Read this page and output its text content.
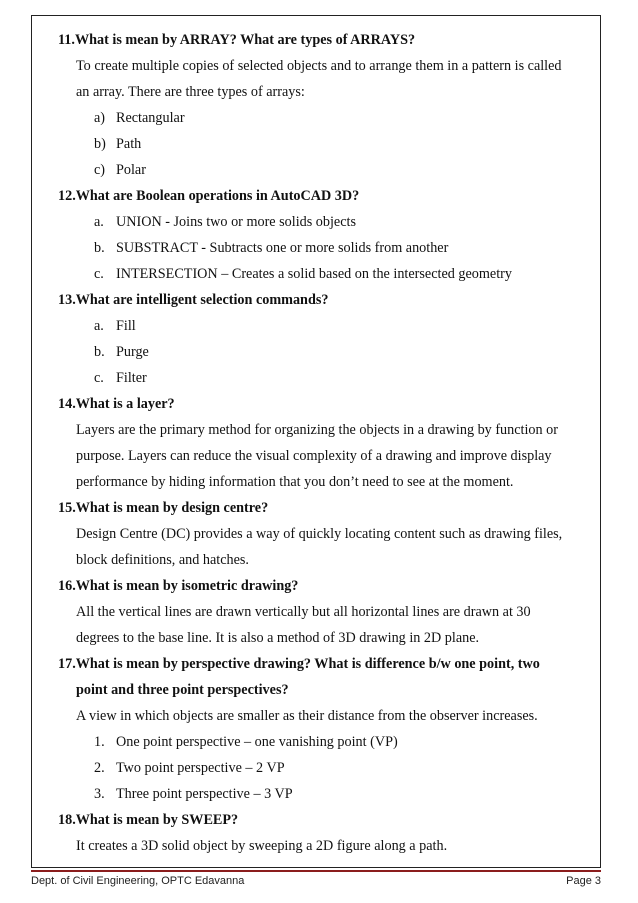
11.What is mean by ARRAY? What are types of ARRAYS?

To create multiple copies of selected objects and to arrange them in a pattern is called

an array. There are three types of arrays:

a) Rectangular
b) Path
c) Polar

12.What are Boolean operations in AutoCAD 3D?

a. UNION - Joins two or more solids objects
b. SUBSTRACT - Subtracts one or more solids from another
c. INTERSECTION – Creates a solid based on the intersected geometry

13.What are intelligent selection commands?

a. Fill
b. Purge
c. Filter

14.What is a layer?

Layers are the primary method for organizing the objects in a drawing by function or

purpose. Layers can reduce the visual complexity of a drawing and improve display

performance by hiding information that you don’t need to see at the moment.

15.What is mean by design centre?

Design Centre (DC) provides a way of quickly locating content such as drawing files,

block definitions, and hatches.

16.What is mean by isometric drawing?

All the vertical lines are drawn vertically but all horizontal lines are drawn at 30

degrees to the base line. It is also a method of 3D drawing in 2D plane.

17.What is mean by perspective drawing? What is difference b/w one point, two
point and three point perspectives?

A view in which objects are smaller as their distance from the observer increases.

1. One point perspective – one vanishing point (VP)
2. Two point perspective – 2 VP
3. Three point perspective – 3 VP

18.What is mean by SWEEP?

It creates a 3D solid object by sweeping a 2D figure along a path.

Dept. of Civil Engineering, OPTC Edavanna	Page 3
